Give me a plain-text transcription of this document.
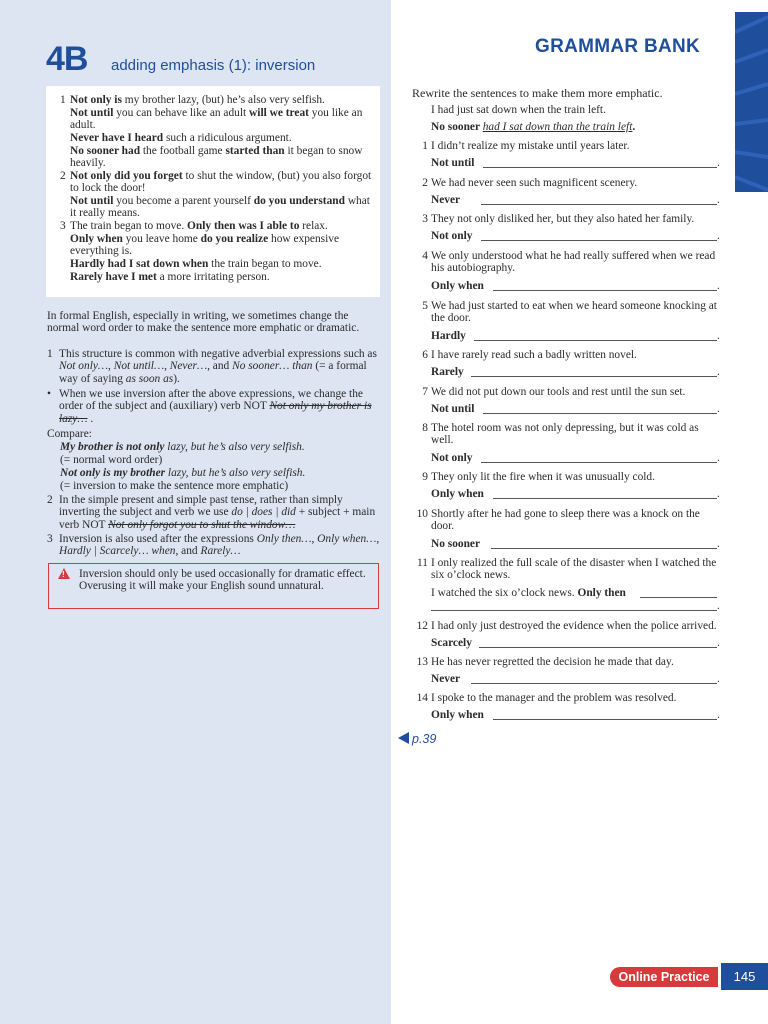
4B adding emphasis (1): inversion
1 Not only is my brother lazy, (but) he’s also very selfish.
Not until you can behave like an adult will we treat you like an adult.
Never have I heard such a ridiculous argument.
No sooner had the football game started than it began to snow heavily.
2 Not only did you forget to shut the window, (but) you also forgot to lock the door!
Not until you become a parent yourself do you understand what it really means.
3 The train began to move. Only then was I able to relax.
Only when you leave home do you realize how expensive everything is.
Hardly had I sat down when the train began to move.
Rarely have I met a more irritating person.
In formal English, especially in writing, we sometimes change the normal word order to make the sentence more emphatic or dramatic.
1 This structure is common with negative adverbial expressions such as Not only…, Not until…, Never…, and No sooner… than (= a formal way of saying as soon as).
• When we use inversion after the above expressions, we change the order of the subject and (auxiliary) verb NOT Not only my brother is lazy… .
Compare:
My brother is not only lazy, but he’s also very selfish.
(= normal word order)
Not only is my brother lazy, but he’s also very selfish.
(= inversion to make the sentence more emphatic)
2 In the simple present and simple past tense, rather than simply inverting the subject and verb we use do | does | did + subject + main verb NOT Not only forgot you to shut the window…
3 Inversion is also used after the expressions Only then…, Only when…, Hardly | Scarcely… when, and Rarely…
!
Inversion should only be used occasionally for dramatic effect. Overusing it will make your English sound unnatural.
GRAMMAR BANK
Rewrite the sentences to make them more emphatic.
I had just sat down when the train left.
No sooner had I sat down than the train left.
1 I didn’t realize my mistake until years later.
Not until	.
2 We had never seen such magnificent scenery.
Never	.
3 They not only disliked her, but they also hated her family.
Not only	.
4 We only understood what he had really suffered when we read his autobiography.
Only when	.
5 We had just started to eat when we heard someone knocking at the door.
Hardly	.
6 I have rarely read such a badly written novel.
Rarely	.
7 We did not put down our tools and rest until the sun set.
Not until	.
8 The hotel room was not only depressing, but it was cold as well.
Not only	.
9 They only lit the fire when it was unusually cold.
Only when	.
10 Shortly after he had gone to sleep there was a knock on the door.
No sooner	.
11 I only realized the full scale of the disaster when I watched the six o’clock news.
I watched the six o’clock news. Only then
.
12 I had only just destroyed the evidence when the police arrived.
Scarcely	.
13 He has never regretted the decision he made that day.
Never	.
14 I spoke to the manager and the problem was resolved.
Only when	.
p.39
Online Practice	145
